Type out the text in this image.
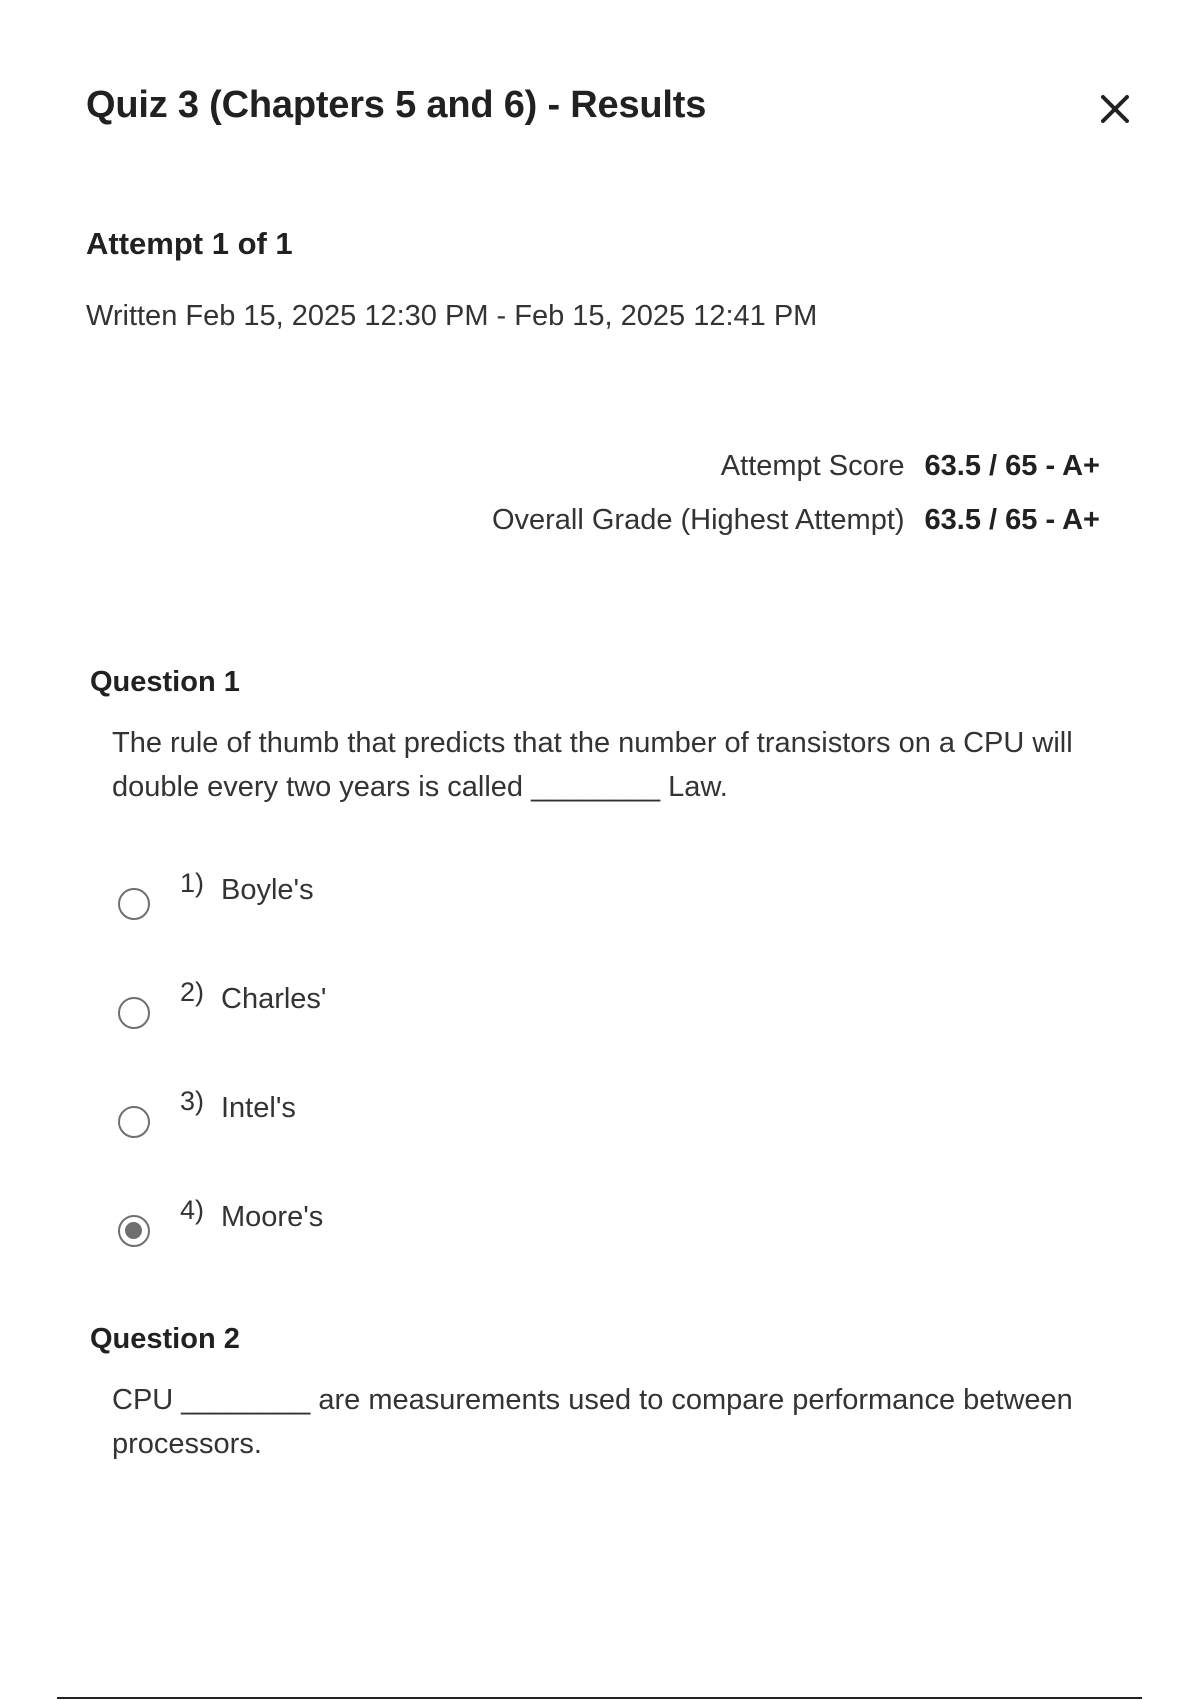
Quiz 3 (Chapters 5 and 6) - Results
Attempt 1 of 1
Written Feb 15, 2025 12:30 PM - Feb 15, 2025 12:41 PM
Attempt Score 63.5 / 65 - A+
Overall Grade (Highest Attempt) 63.5 / 65 - A+
Question 1
The rule of thumb that predicts that the number of transistors on a CPU will double every two years is called ________ Law.
1) Boyle's
2) Charles'
3) Intel's
4) Moore's
Question 2
CPU ________ are measurements used to compare performance between processors.
